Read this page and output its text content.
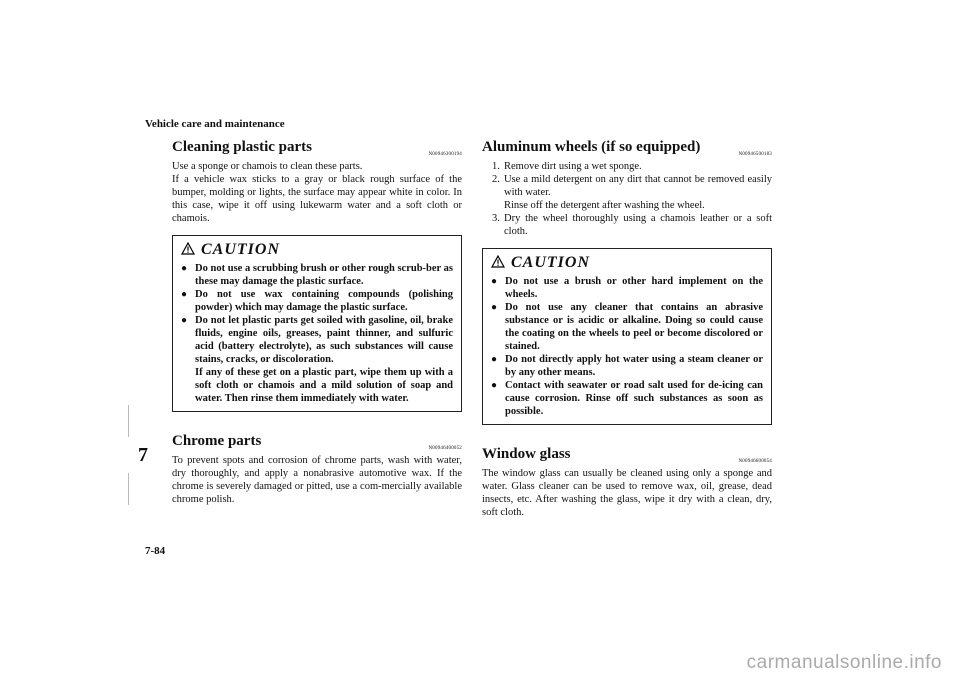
Vehicle care and maintenance
7
Cleaning plastic parts	N00946300194

Use a sponge or chamois to clean these parts.

If a vehicle wax sticks to a gray or black rough surface of the bumper, molding or lights, the surface may appear white in color. In this case, wipe it off using lukewarm water and a soft cloth or chamois.

CAUTION
● Do not use a scrubbing brush or other rough scrub-ber as these may damage the plastic surface.
● Do not use wax containing compounds (polishing powder) which may damage the plastic surface.
● Do not let plastic parts get soiled with gasoline, oil, brake fluids, engine oils, greases, paint thinner, and sulfuric acid (battery electrolyte), as such substances will cause stains, cracks, or discoloration.
If any of these get on a plastic part, wipe them up with a soft cloth or chamois and a mild solution of soap and water. Then rinse them immediately with water.
Chrome parts	N00946400052

To prevent spots and corrosion of chrome parts, wash with water, dry thoroughly, and apply a nonabrasive automotive wax. If the chrome is severely damaged or pitted, use a com-mercially available chrome polish.

Aluminum wheels (if so equipped)	N00946500183
1. Remove dirt using a wet sponge.
2. Use a mild detergent on any dirt that cannot be removed easily with water.
Rinse off the detergent after washing the wheel.
3. Dry the wheel thoroughly using a chamois leather or a soft cloth.
CAUTION
● Do not use a brush or other hard implement on the wheels.
● Do not use any cleaner that contains an abrasive substance or is acidic or alkaline. Doing so could cause the coating on the wheels to peel or become discolored or stained.
● Do not directly apply hot water using a steam cleaner or by any other means.
● Contact with seawater or road salt used for de-icing can cause corrosion. Rinse off such substances as soon as possible.
Window glass	N00946600054

The window glass can usually be cleaned using only a sponge and water. Glass cleaner can be used to remove wax, oil, grease, dead insects, etc. After washing the glass, wipe it dry with a clean, dry, soft cloth.

7-84
carmanualsonline.info
